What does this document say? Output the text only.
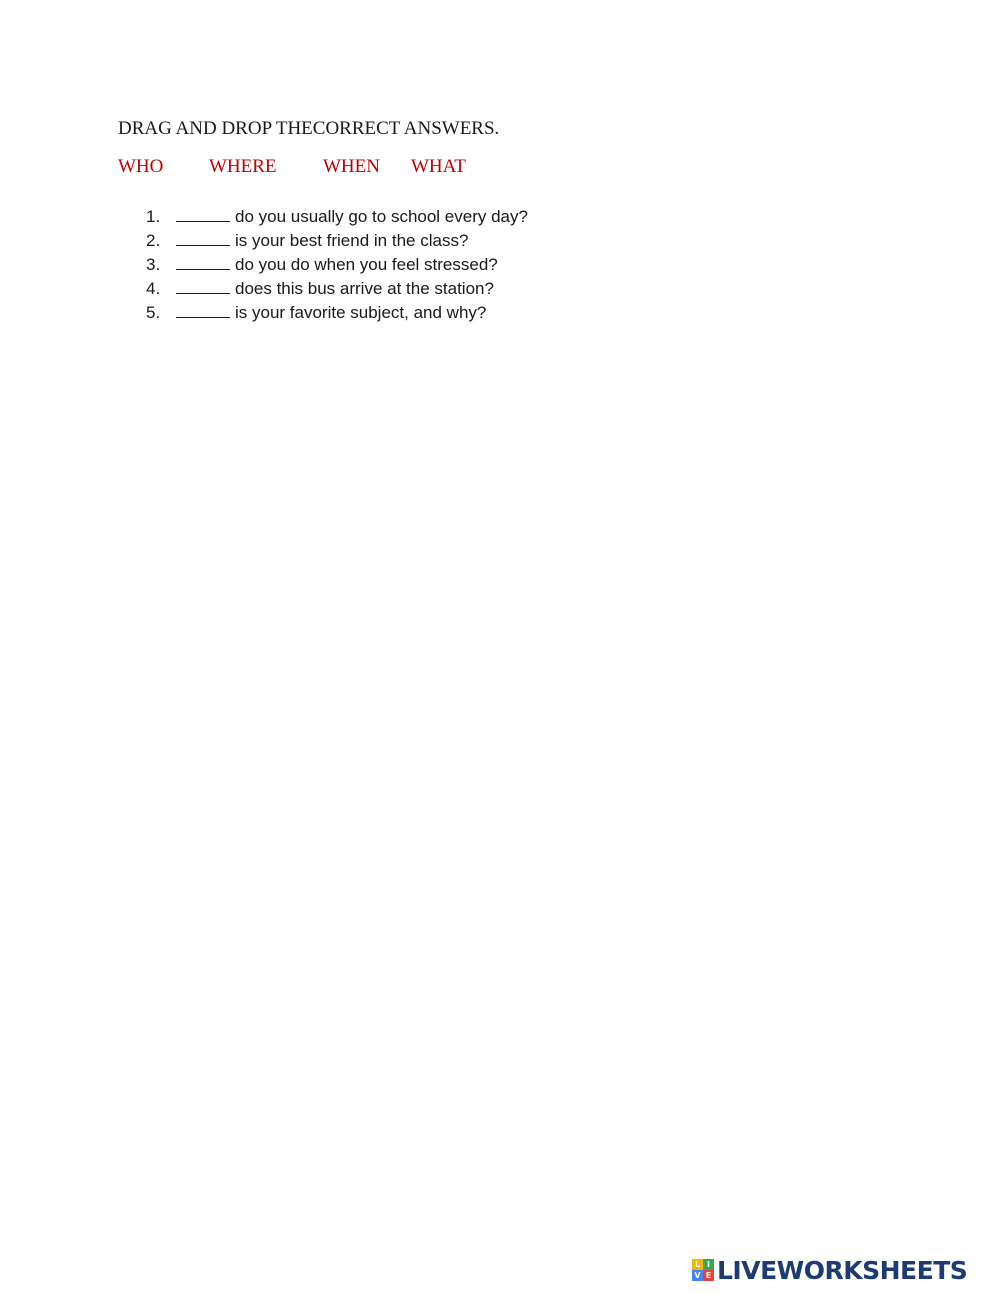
DRAG AND DROP THECORRECT ANSWERS.
WHO WHERE WHEN WHAT
1.	do you usually go to school every day?
2.	is your best friend in the class?
3.	do you do when you feel stressed?
4.	does this bus arrive at the station?
5.	is your favorite subject, and why?
L I
V E LIVEWORKSHEETS
